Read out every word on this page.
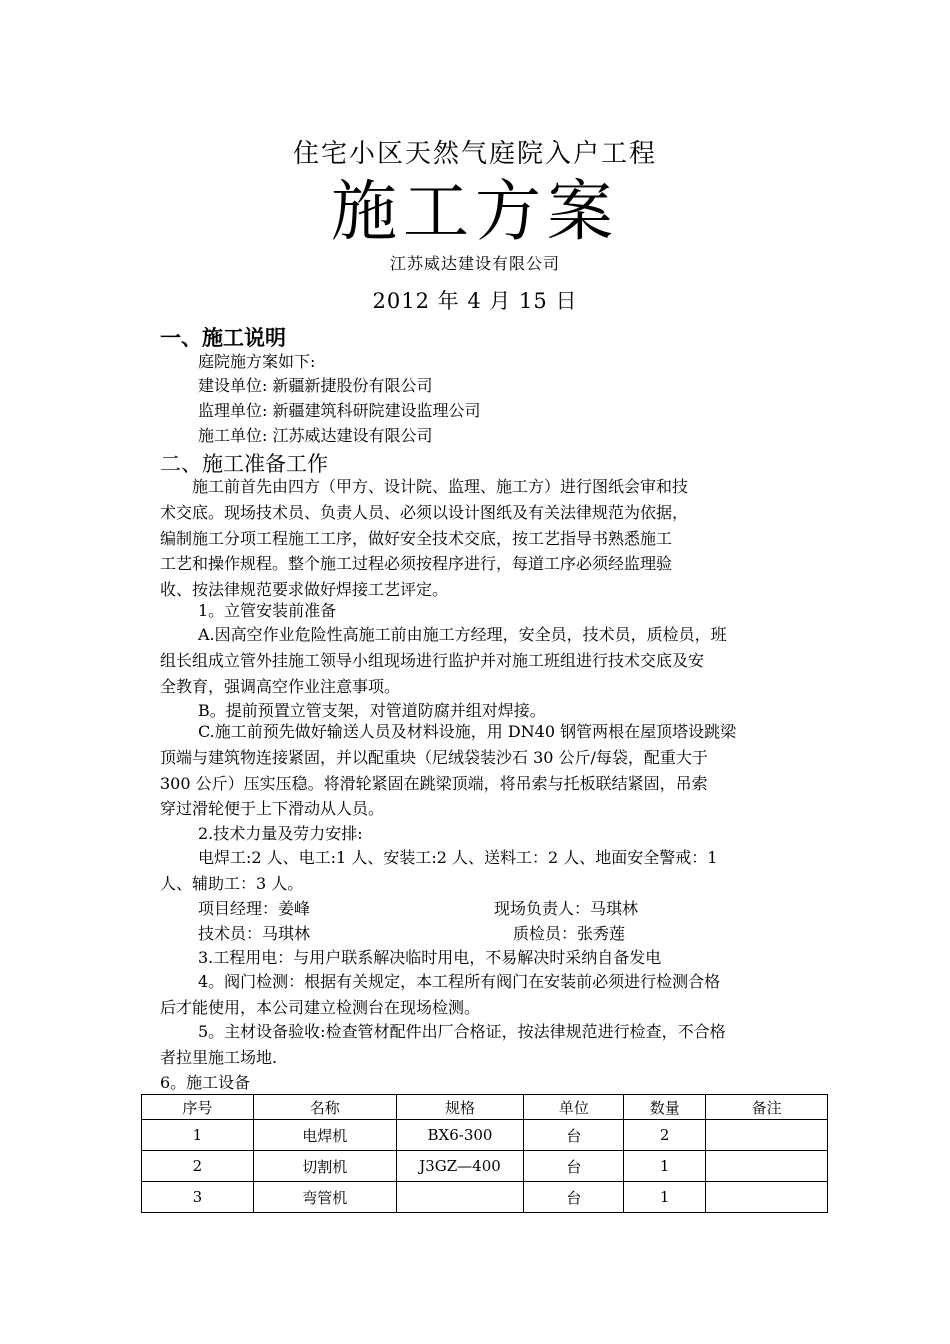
住宅小区天然气庭院入户工程
施工方案
江苏威达建设有限公司
2012 年 4 月 15 日
一、施工说明
庭院施方案如下:
建设单位: 新疆新捷股份有限公司
监理单位: 新疆建筑科研院建设监理公司
施工单位: 江苏威达建设有限公司
二、施工准备工作
　　施工前首先由四方（甲方、设计院、监理、施工方）进行图纸会审和技
术交底。现场技术员、负责人员、必须以设计图纸及有关法律规范为依据，
编制施工分项工程施工工序，做好安全技术交底，按工艺指导书熟悉施工
工艺和操作规程。整个施工过程必须按程序进行，每道工序必须经监理验
收、按法律规范要求做好焊接工艺评定。
1。立管安装前准备
A.因高空作业危险性高施工前由施工方经理，安全员，技术员，质检员，班
组长组成立管外挂施工领导小组现场进行监护并对施工班组进行技术交底及安
全教育，强调高空作业注意事项。
B。提前预置立管支架，对管道防腐并组对焊接。
C.施工前预先做好输送人员及材料设施，用 DN40 钢管两根在屋顶塔设跳梁
顶端与建筑物连接紧固，并以配重块（尼绒袋装沙石 30 公斤/每袋，配重大于
300 公斤）压实压稳。将滑轮紧固在跳梁顶端，将吊索与托板联结紧固，吊索
穿过滑轮便于上下滑动从人员。
2.技术力量及劳力安排:
电焊工:2 人、电工:1 人、安装工:2 人、送料工：2 人、地面安全警戒：1
人、辅助工：3 人。
项目经理：姜峰	现场负责人：马琪林
技术员：马琪林	质检员：张秀莲
3.工程用电：与用户联系解决临时用电，不易解决时采纳自备发电
4。阀门检测：根据有关规定，本工程所有阀门在安装前必须进行检测合格
后才能使用，本公司建立检测台在现场检测。
5。主材设备验收:检查管材配件出厂合格证，按法律规范进行检查，不合格
者拉里施工场地.
6。施工设备
序号	名称	规格	单位	数量	备注
1	电焊机	BX6-300	台	2	
2	切割机	J3GZ—400	台	1	
3	弯管机		台	1	
